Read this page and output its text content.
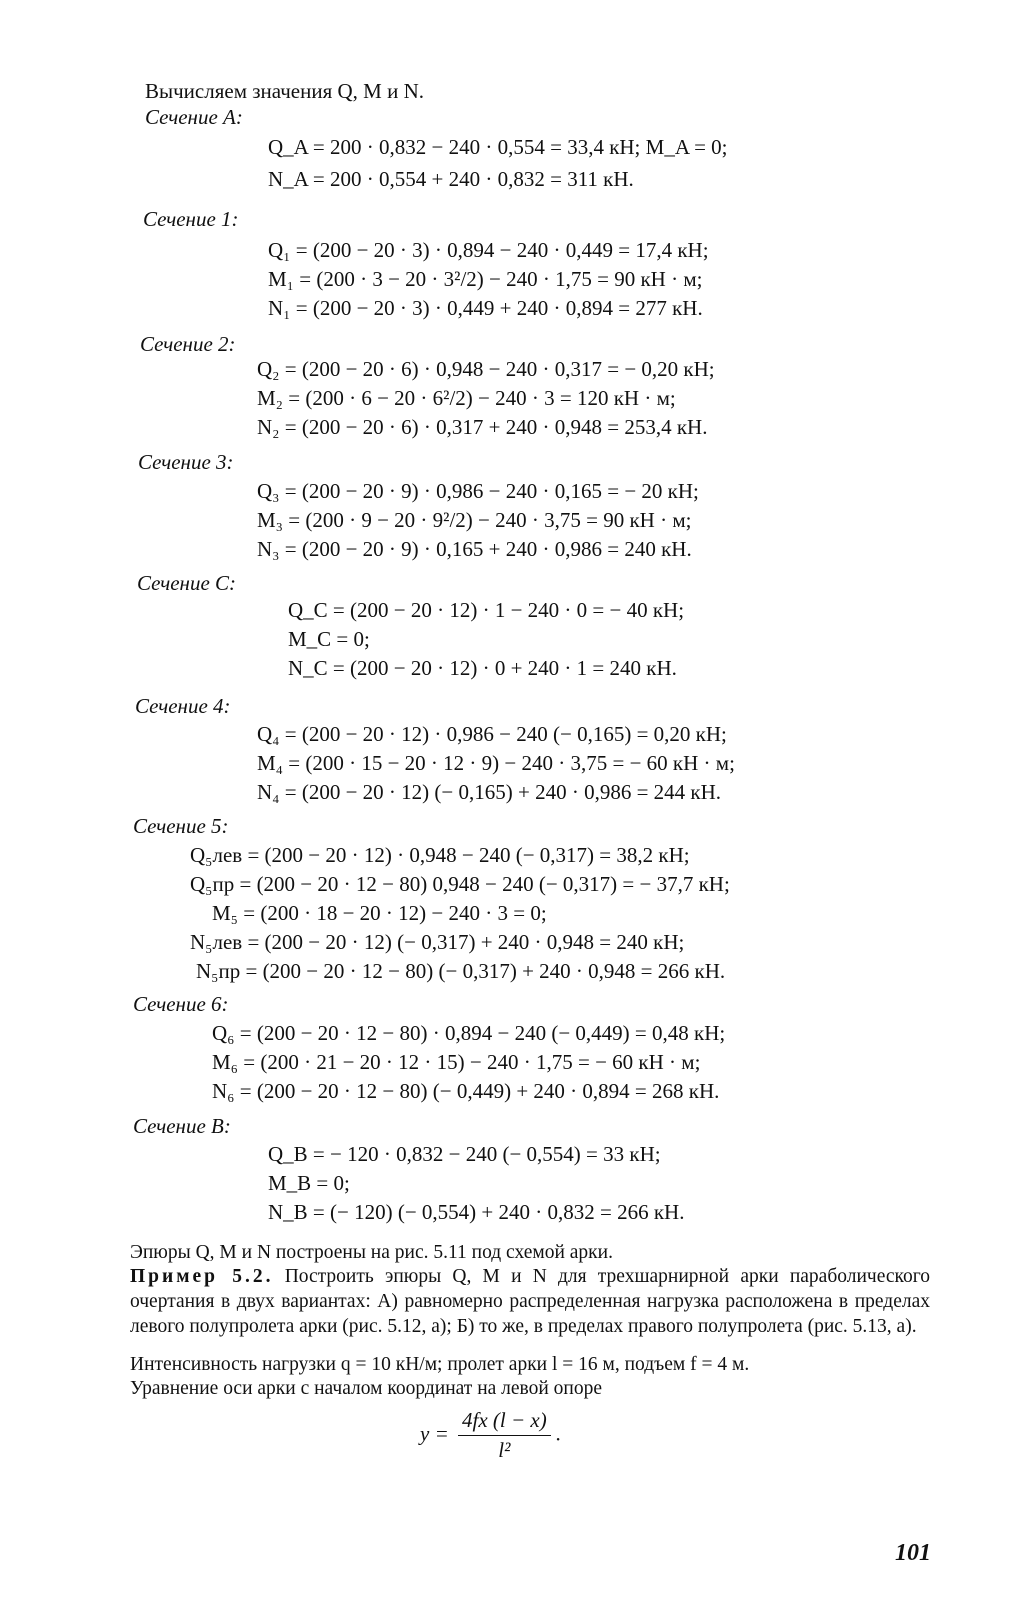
Вычисляем значения Q, M и N.
Сечение A:
Q_A = 200 · 0,832 − 240 · 0,554 = 33,4 кН; M_A = 0;
N_A = 200 · 0,554 + 240 · 0,832 = 311 кН.
Сечение 1:
Q₁ = (200 − 20 · 3) · 0,894 − 240 · 0,449 = 17,4 кН;
M₁ = (200 · 3 − 20 · 3²/2) − 240 · 1,75 = 90 кН · м;
N₁ = (200 − 20 · 3) · 0,449 + 240 · 0,894 = 277 кН.
Сечение 2:
Q₂ = (200 − 20 · 6) · 0,948 − 240 · 0,317 = − 0,20 кН;
M₂ = (200 · 6 − 20 · 6²/2) − 240 · 3 = 120 кН · м;
N₂ = (200 − 20 · 6) · 0,317 + 240 · 0,948 = 253,4 кН.
Сечение 3:
Q₃ = (200 − 20 · 9) · 0,986 − 240 · 0,165 = − 20 кН;
M₃ = (200 · 9 − 20 · 9²/2) − 240 · 3,75 = 90 кН · м;
N₃ = (200 − 20 · 9) · 0,165 + 240 · 0,986 = 240 кН.
Сечение C:
Q_C = (200 − 20 · 12) · 1 − 240 · 0 = − 40 кН;
M_C = 0;
N_C = (200 − 20 · 12) · 0 + 240 · 1 = 240 кН.
Сечение 4:
Q₄ = (200 − 20 · 12) · 0,986 − 240 (− 0,165) = 0,20 кН;
M₄ = (200 · 15 − 20 · 12 · 9) − 240 · 3,75 = − 60 кН · м;
N₄ = (200 − 20 · 12) (− 0,165) + 240 · 0,986 = 244 кН.
Сечение 5:
Q₅лев = (200 − 20 · 12) · 0,948 − 240 (− 0,317) = 38,2 кН;
Q₅пр = (200 − 20 · 12 − 80) 0,948 − 240 (− 0,317) = − 37,7 кН;
M₅ = (200 · 18 − 20 · 12) − 240 · 3 = 0;
N₅лев = (200 − 20 · 12) (− 0,317) + 240 · 0,948 = 240 кН;
N₅пр = (200 − 20 · 12 − 80) (− 0,317) + 240 · 0,948 = 266 кН.
Сечение 6:
Q₆ = (200 − 20 · 12 − 80) · 0,894 − 240 (− 0,449) = 0,48 кН;
M₆ = (200 · 21 − 20 · 12 · 15) − 240 · 1,75 = − 60 кН · м;
N₆ = (200 − 20 · 12 − 80) (− 0,449) + 240 · 0,894 = 268 кН.
Сечение B:
Q_B = − 120 · 0,832 − 240 (− 0,554) = 33 кН;
M_B = 0;
N_B = (− 120) (− 0,554) + 240 · 0,832 = 266 кН.
Эпюры Q, M и N построены на рис. 5.11 под схемой арки.
Пример 5.2. Построить эпюры Q, M и N для трехшарнирной арки параболического очертания в двух вариантах: А) равномерно распределенная нагрузка расположена в пределах левого полупролета арки (рис. 5.12, а); Б) то же, в пределах правого полупролета (рис. 5.13, а).
Интенсивность нагрузки q = 10 кН/м; пролет арки l = 16 м, подъем f = 4 м.
Уравнение оси арки с началом координат на левой опоре
$y = \frac{4fx (l - x)}{\text{l²}}$ .
101
